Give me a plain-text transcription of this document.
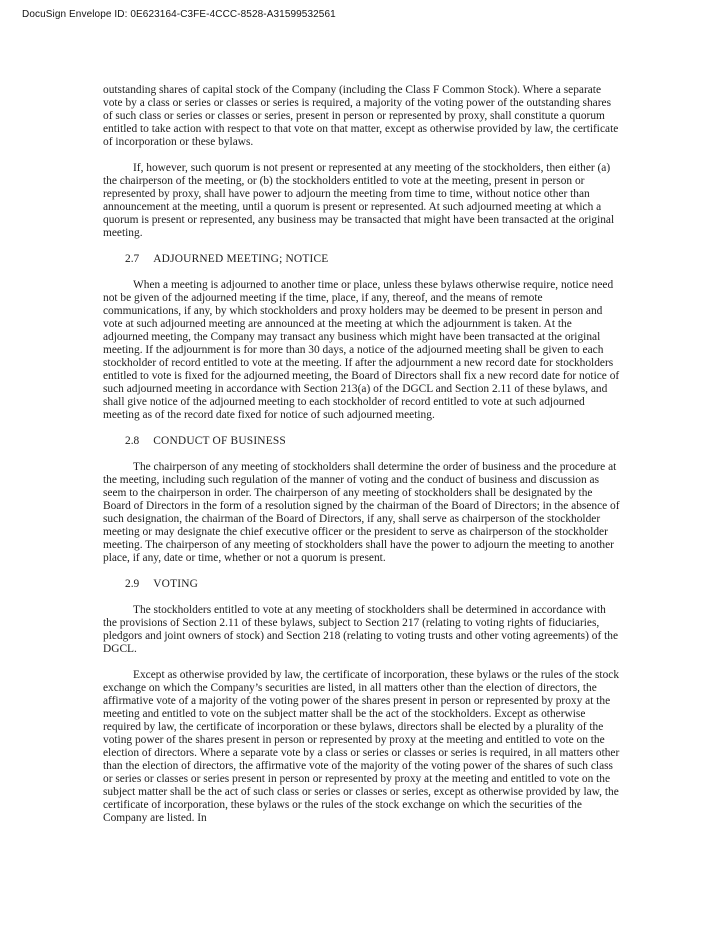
DocuSign Envelope ID: 0E623164-C3FE-4CCC-8528-A31599532561

outstanding shares of capital stock of the Company (including the Class F Common Stock). Where a separate vote by a class or series or classes or series is required, a majority of the voting power of the outstanding shares of such class or series or classes or series, present in person or represented by proxy, shall constitute a quorum entitled to take action with respect to that vote on that matter, except as otherwise provided by law, the certificate of incorporation or these bylaws.

If, however, such quorum is not present or represented at any meeting of the stockholders, then either (a) the chairperson of the meeting, or (b) the stockholders entitled to vote at the meeting, present in person or represented by proxy, shall have power to adjourn the meeting from time to time, without notice other than announcement at the meeting, until a quorum is present or represented. At such adjourned meeting at which a quorum is present or represented, any business may be transacted that might have been transacted at the original meeting.

2.7 ADJOURNED MEETING; NOTICE

When a meeting is adjourned to another time or place, unless these bylaws otherwise require, notice need not be given of the adjourned meeting if the time, place, if any, thereof, and the means of remote communications, if any, by which stockholders and proxy holders may be deemed to be present in person and vote at such adjourned meeting are announced at the meeting at which the adjournment is taken. At the adjourned meeting, the Company may transact any business which might have been transacted at the original meeting. If the adjournment is for more than 30 days, a notice of the adjourned meeting shall be given to each stockholder of record entitled to vote at the meeting. If after the adjournment a new record date for stockholders entitled to vote is fixed for the adjourned meeting, the Board of Directors shall fix a new record date for notice of such adjourned meeting in accordance with Section 213(a) of the DGCL and Section 2.11 of these bylaws, and shall give notice of the adjourned meeting to each stockholder of record entitled to vote at such adjourned meeting as of the record date fixed for notice of such adjourned meeting.

2.8 CONDUCT OF BUSINESS

The chairperson of any meeting of stockholders shall determine the order of business and the procedure at the meeting, including such regulation of the manner of voting and the conduct of business and discussion as seem to the chairperson in order. The chairperson of any meeting of stockholders shall be designated by the Board of Directors in the form of a resolution signed by the chairman of the Board of Directors; in the absence of such designation, the chairman of the Board of Directors, if any, shall serve as chairperson of the stockholder meeting or may designate the chief executive officer or the president to serve as chairperson of the stockholder meeting. The chairperson of any meeting of stockholders shall have the power to adjourn the meeting to another place, if any, date or time, whether or not a quorum is present.

2.9 VOTING

The stockholders entitled to vote at any meeting of stockholders shall be determined in accordance with the provisions of Section 2.11 of these bylaws, subject to Section 217 (relating to voting rights of fiduciaries, pledgors and joint owners of stock) and Section 218 (relating to voting trusts and other voting agreements) of the DGCL.

Except as otherwise provided by law, the certificate of incorporation, these bylaws or the rules of the stock exchange on which the Company’s securities are listed, in all matters other than the election of directors, the affirmative vote of a majority of the voting power of the shares present in person or represented by proxy at the meeting and entitled to vote on the subject matter shall be the act of the stockholders. Except as otherwise required by law, the certificate of incorporation or these bylaws, directors shall be elected by a plurality of the voting power of the shares present in person or represented by proxy at the meeting and entitled to vote on the election of directors. Where a separate vote by a class or series or classes or series is required, in all matters other than the election of directors, the affirmative vote of the majority of the voting power of the shares of such class or series or classes or series present in person or represented by proxy at the meeting and entitled to vote on the subject matter shall be the act of such class or series or classes or series, except as otherwise provided by law, the certificate of incorporation, these bylaws or the rules of the stock exchange on which the securities of the Company are listed. In
